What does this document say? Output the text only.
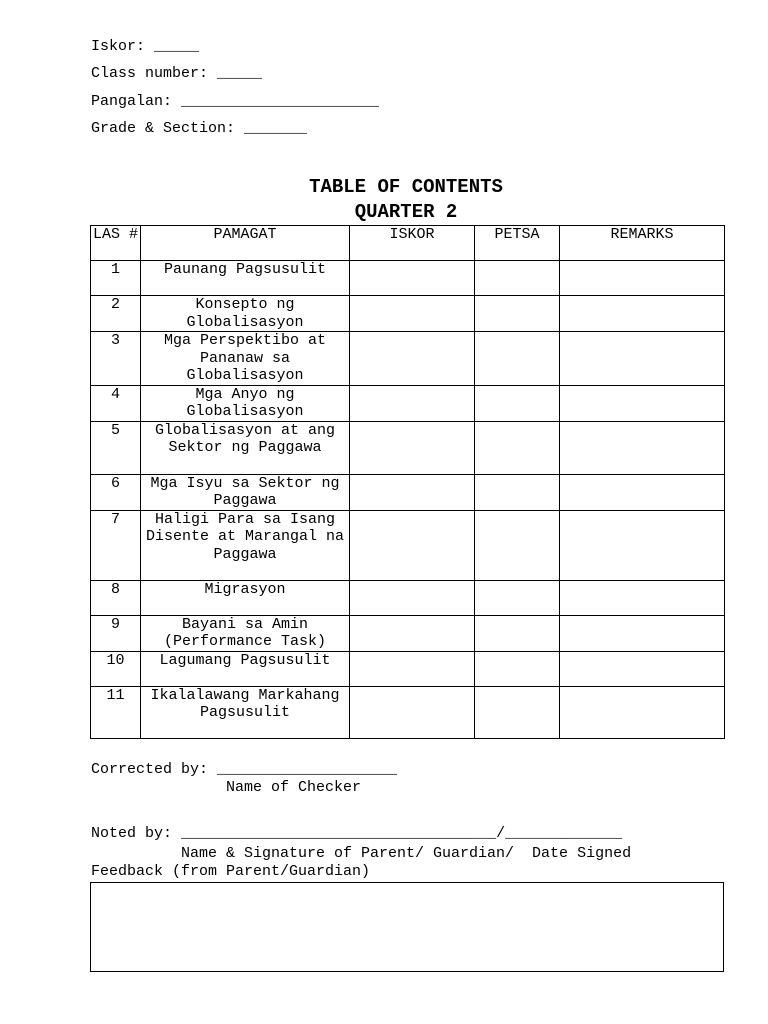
Iskor: _____
Class number: _____
Pangalan: ______________________
Grade & Section: _______
TABLE OF CONTENTS
QUARTER 2
LAS #	PAMAGAT	ISKOR	PETSA	REMARKS
1	Paunang Pagsusulit			
2	Konsepto ng Globalisasyon			
3	Mga Perspektibo at Pananaw sa Globalisasyon			
4	Mga Anyo ng Globalisasyon			
5	Globalisasyon at ang Sektor ng Paggawa			
6	Mga Isyu sa Sektor ng Paggawa			
7	Haligi Para sa Isang Disente at Marangal na Paggawa			
8	Migrasyon			
9	Bayani sa Amin (Performance Task)			
10	Lagumang Pagsusulit			
11	Ikalalawang Markahang Pagsusulit			
Corrected by: ____________________
Name of Checker
Noted by: ___________________________________/_____________
Name & Signature of Parent/ Guardian/  Date Signed
Feedback (from Parent/Guardian)
